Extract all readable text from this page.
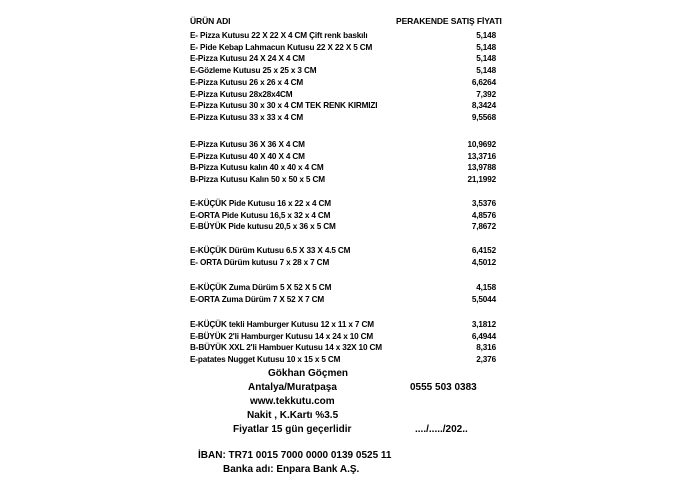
ÜRÜN ADI	PERAKENDE SATIŞ FİYATI
E- Pizza Kutusu 22 X 22 X 4 CM Çift renk baskılı	5,148
E- Pide Kebap Lahmacun Kutusu 22 X 22 X 5 CM	5,148
E-Pizza Kutusu 24 X 24 X 4 CM	5,148
E-Gözleme Kutusu 25 x 25 x 3 CM	5,148
E-Pizza Kutusu 26 x 26 x 4 CM	6,6264
E-Pizza Kutusu 28x28x4CM	7,392
E-Pizza Kutusu 30 x 30 x 4 CM TEK RENK KIRMIZI	8,3424
E-Pizza Kutusu 33 x 33 x 4 CM	9,5568
E-Pizza Kutusu 36 X 36 X 4 CM	10,9692
E-Pizza Kutusu 40 X 40 X 4 CM	13,3716
B-Pizza Kutusu kalın 40 x 40 x 4 CM	13,9788
B-Pizza Kutusu Kalın 50 x 50 x 5 CM	21,1992
E-KÜÇÜK Pide Kutusu 16 x 22 x 4 CM	3,5376
E-ORTA Pide Kutusu 16,5 x 32 x 4 CM	4,8576
E-BÜYÜK Pide kutusu 20,5 x 36 x 5 CM	7,8672
E-KÜÇÜK Dürüm Kutusu 6.5 X 33 X 4.5 CM	6,4152
E- ORTA Dürüm kutusu 7 x 28 x 7 CM	4,5012
E-KÜÇÜK Zuma Dürüm 5 X 52 X 5 CM	4,158
E-ORTA Zuma Dürüm 7 X 52 X 7 CM	5,5044
E-KÜÇÜK tekli Hamburger Kutusu 12 x 11 x 7 CM	3,1812
E-BÜYÜK 2'li Hamburger Kutusu 14 x 24 x 10 CM	6,4944
B-BÜYÜK XXL 2'li Hambuer Kutusu 14 x 32X 10 CM	8,316
E-patates Nugget Kutusu 10 x 15 x 5 CM	2,376
Gökhan Göçmen
Antalya/Muratpaşa	0555 503 0383
www.tekkutu.com
Nakit , K.Kartı %3.5
Fiyatlar 15 gün geçerlidir	..../...../202..
İBAN: TR71 0015 7000 0000 0139 0525 11
Banka adı: Enpara Bank A.Ş.
